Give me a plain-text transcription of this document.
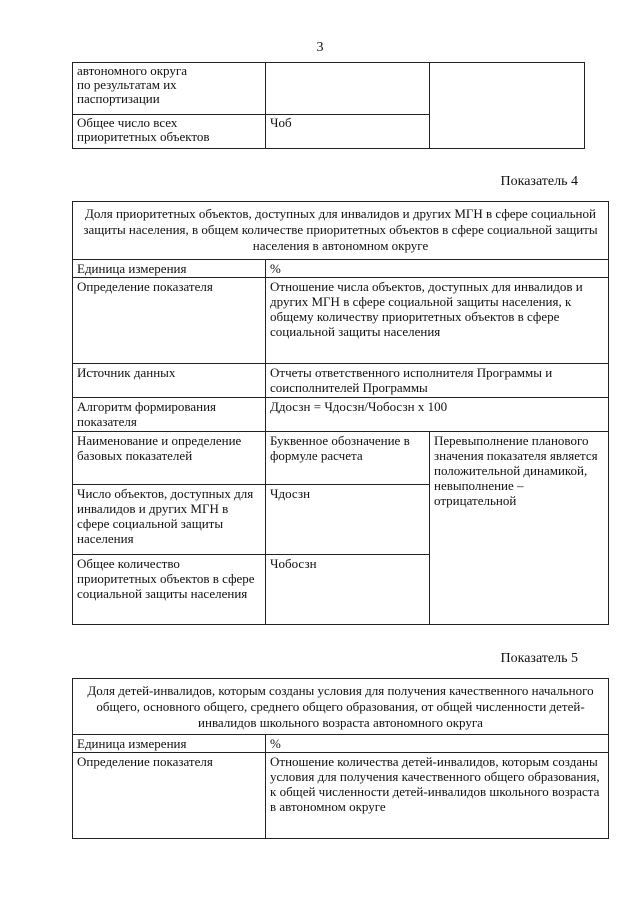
3
автономного округа
по результатам их
паспортизации		

Общее число всех
приоритетных объектов	Чоб	
Показатель 4
Доля приоритетных объектов, доступных для инвалидов и других МГН в сфере социальной защиты населения, в общем количестве приоритетных объектов в сфере социальной защиты населения в автономном округе		
Единица измерения	%	
Определение показателя	Отношение числа объектов, доступных для инвалидов и других МГН в сфере социальной защиты населения, к общему количеству приоритетных объектов в сфере социальной защиты населения	
Источник данных	Отчеты ответственного исполнителя Программы и соисполнителей Программы	
Алгоритм формирования показателя	Ддосзн = Чдосзн/Чобосзн х 100	
Наименование и определение базовых показателей	Буквенное обозначение в формуле расчета	Перевыполнение планового значения показателя является положительной динамикой, невыполнение – отрицательной
Число объектов, доступных для инвалидов и других МГН в сфере социальной защиты населения	Чдосзн	
Общее количество приоритетных объектов в сфере социальной защиты населения	Чобосзн	
Показатель 5
Доля детей-инвалидов, которым созданы условия для получения качественного начального общего, основного общего, среднего общего образования, от общей численности детей-инвалидов школьного возраста автономного округа	
Единица измерения	%
Определение показателя	Отношение количества детей-инвалидов, которым созданы условия для получения качественного общего образования, к общей численности детей-инвалидов школьного возраста в автономном округе
